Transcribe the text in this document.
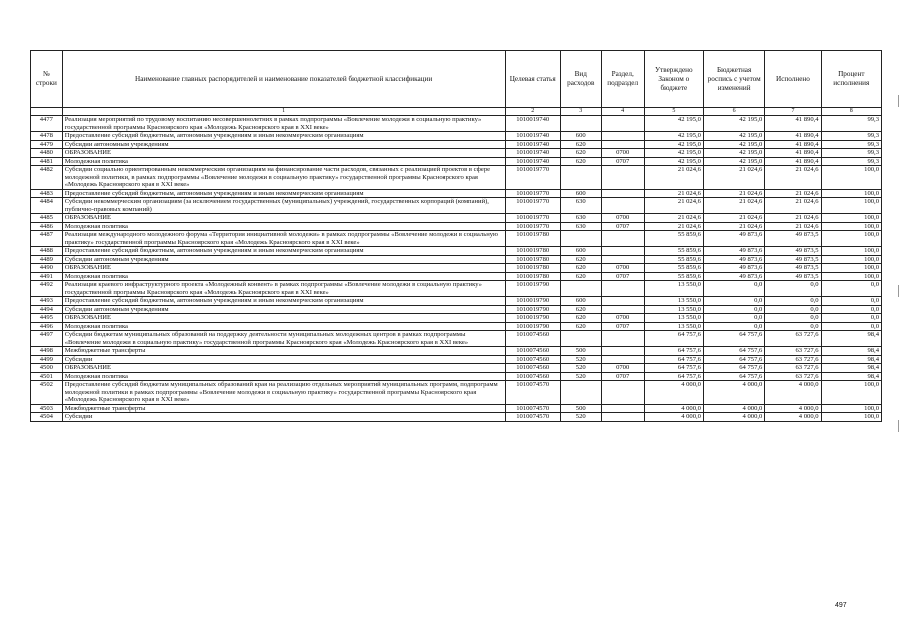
№ строки	Наименование главных распорядителей и наименование показателей бюджетной классификации	Целевая статья	Вид расходов	Раздел, подраздел	Утверждено Законом о бюджете	Бюджетная роспись с учетом изменений	Исполнено	Процент исполнения
	1	2	3	4	5	6	7	8
4477	Реализация мероприятий по трудовому воспитанию несовершеннолетних в рамках подпрограммы «Вовлечение молодежи в социальную практику» государственной программы Красноярского края «Молодежь Красноярского края в XXI веке»	1010019740			42 195,0	42 195,0	41 890,4	99,3
4478	Предоставление субсидий бюджетным, автономным учреждениям и иным некоммерческим организациям	1010019740	600		42 195,0	42 195,0	41 890,4	99,3
4479	Субсидии автономным учреждениям	1010019740	620		42 195,0	42 195,0	41 890,4	99,3
4480	ОБРАЗОВАНИЕ	1010019740	620	0700	42 195,0	42 195,0	41 890,4	99,3
4481	Молодежная политика	1010019740	620	0707	42 195,0	42 195,0	41 890,4	99,3
4482	Субсидии социально ориентированным некоммерческим организациям на финансирование части расходов, связанных с реализацией проектов в сфере молодежной политики, в рамках подпрограммы «Вовлечение молодежи в социальную практику» государственной программы Красноярского края «Молодежь Красноярского края в XXI веке»	1010019770			21 024,6	21 024,6	21 024,6	100,0
4483	Предоставление субсидий бюджетным, автономным учреждениям и иным некоммерческим организациям	1010019770	600		21 024,6	21 024,6	21 024,6	100,0
4484	Субсидии некоммерческим организациям (за исключением государственных (муниципальных) учреждений, государственных корпораций (компаний), публично-правовых компаний)	1010019770	630		21 024,6	21 024,6	21 024,6	100,0
4485	ОБРАЗОВАНИЕ	1010019770	630	0700	21 024,6	21 024,6	21 024,6	100,0
4486	Молодежная политика	1010019770	630	0707	21 024,6	21 024,6	21 024,6	100,0
4487	Реализация международного молодежного форума «Территория инициативной молодежи» в рамках подпрограммы «Вовлечение молодежи в социальную практику» государственной программы Красноярского края «Молодежь Красноярского края в XXI веке»	1010019780			55 859,6	49 873,6	49 873,5	100,0
4488	Предоставление субсидий бюджетным, автономным учреждениям и иным некоммерческим организациям	1010019780	600		55 859,6	49 873,6	49 873,5	100,0
4489	Субсидии автономным учреждениям	1010019780	620		55 859,6	49 873,6	49 873,5	100,0
4490	ОБРАЗОВАНИЕ	1010019780	620	0700	55 859,6	49 873,6	49 873,5	100,0
4491	Молодежная политика	1010019780	620	0707	55 859,6	49 873,6	49 873,5	100,0
4492	Реализация краевого инфраструктурного проекта «Молодежный конвент» в рамках подпрограммы «Вовлечение молодежи в социальную практику» государственной программы Красноярского края «Молодежь Красноярского края в XXI веке»	1010019790			13 550,0	0,0	0,0	0,0
4493	Предоставление субсидий бюджетным, автономным учреждениям и иным некоммерческим организациям	1010019790	600		13 550,0	0,0	0,0	0,0
4494	Субсидии автономным учреждениям	1010019790	620		13 550,0	0,0	0,0	0,0
4495	ОБРАЗОВАНИЕ	1010019790	620	0700	13 550,0	0,0	0,0	0,0
4496	Молодежная политика	1010019790	620	0707	13 550,0	0,0	0,0	0,0
4497	Субсидии бюджетам муниципальных образований на поддержку деятельности муниципальных молодежных центров в рамках подпрограммы «Вовлечение молодежи в социальную практику» государственной программы Красноярского края «Молодежь Красноярского края в XXI веке»	1010074560			64 757,6	64 757,6	63 727,6	98,4
4498	Межбюджетные трансферты	1010074560	500		64 757,6	64 757,6	63 727,6	98,4
4499	Субсидии	1010074560	520		64 757,6	64 757,6	63 727,6	98,4
4500	ОБРАЗОВАНИЕ	1010074560	520	0700	64 757,6	64 757,6	63 727,6	98,4
4501	Молодежная политика	1010074560	520	0707	64 757,6	64 757,6	63 727,6	98,4
4502	Предоставление субсидий бюджетам муниципальных образований края на реализацию отдельных мероприятий муниципальных программ, подпрограмм молодежной политики в рамках подпрограммы «Вовлечение молодежи в социальную практику» государственной программы Красноярского края «Молодежь Красноярского края в XXI веке»	1010074570			4 000,0	4 000,0	4 000,0	100,0
4503	Межбюджетные трансферты	1010074570	500		4 000,0	4 000,0	4 000,0	100,0
4504	Субсидии	1010074570	520		4 000,0	4 000,0	4 000,0	100,0
497
